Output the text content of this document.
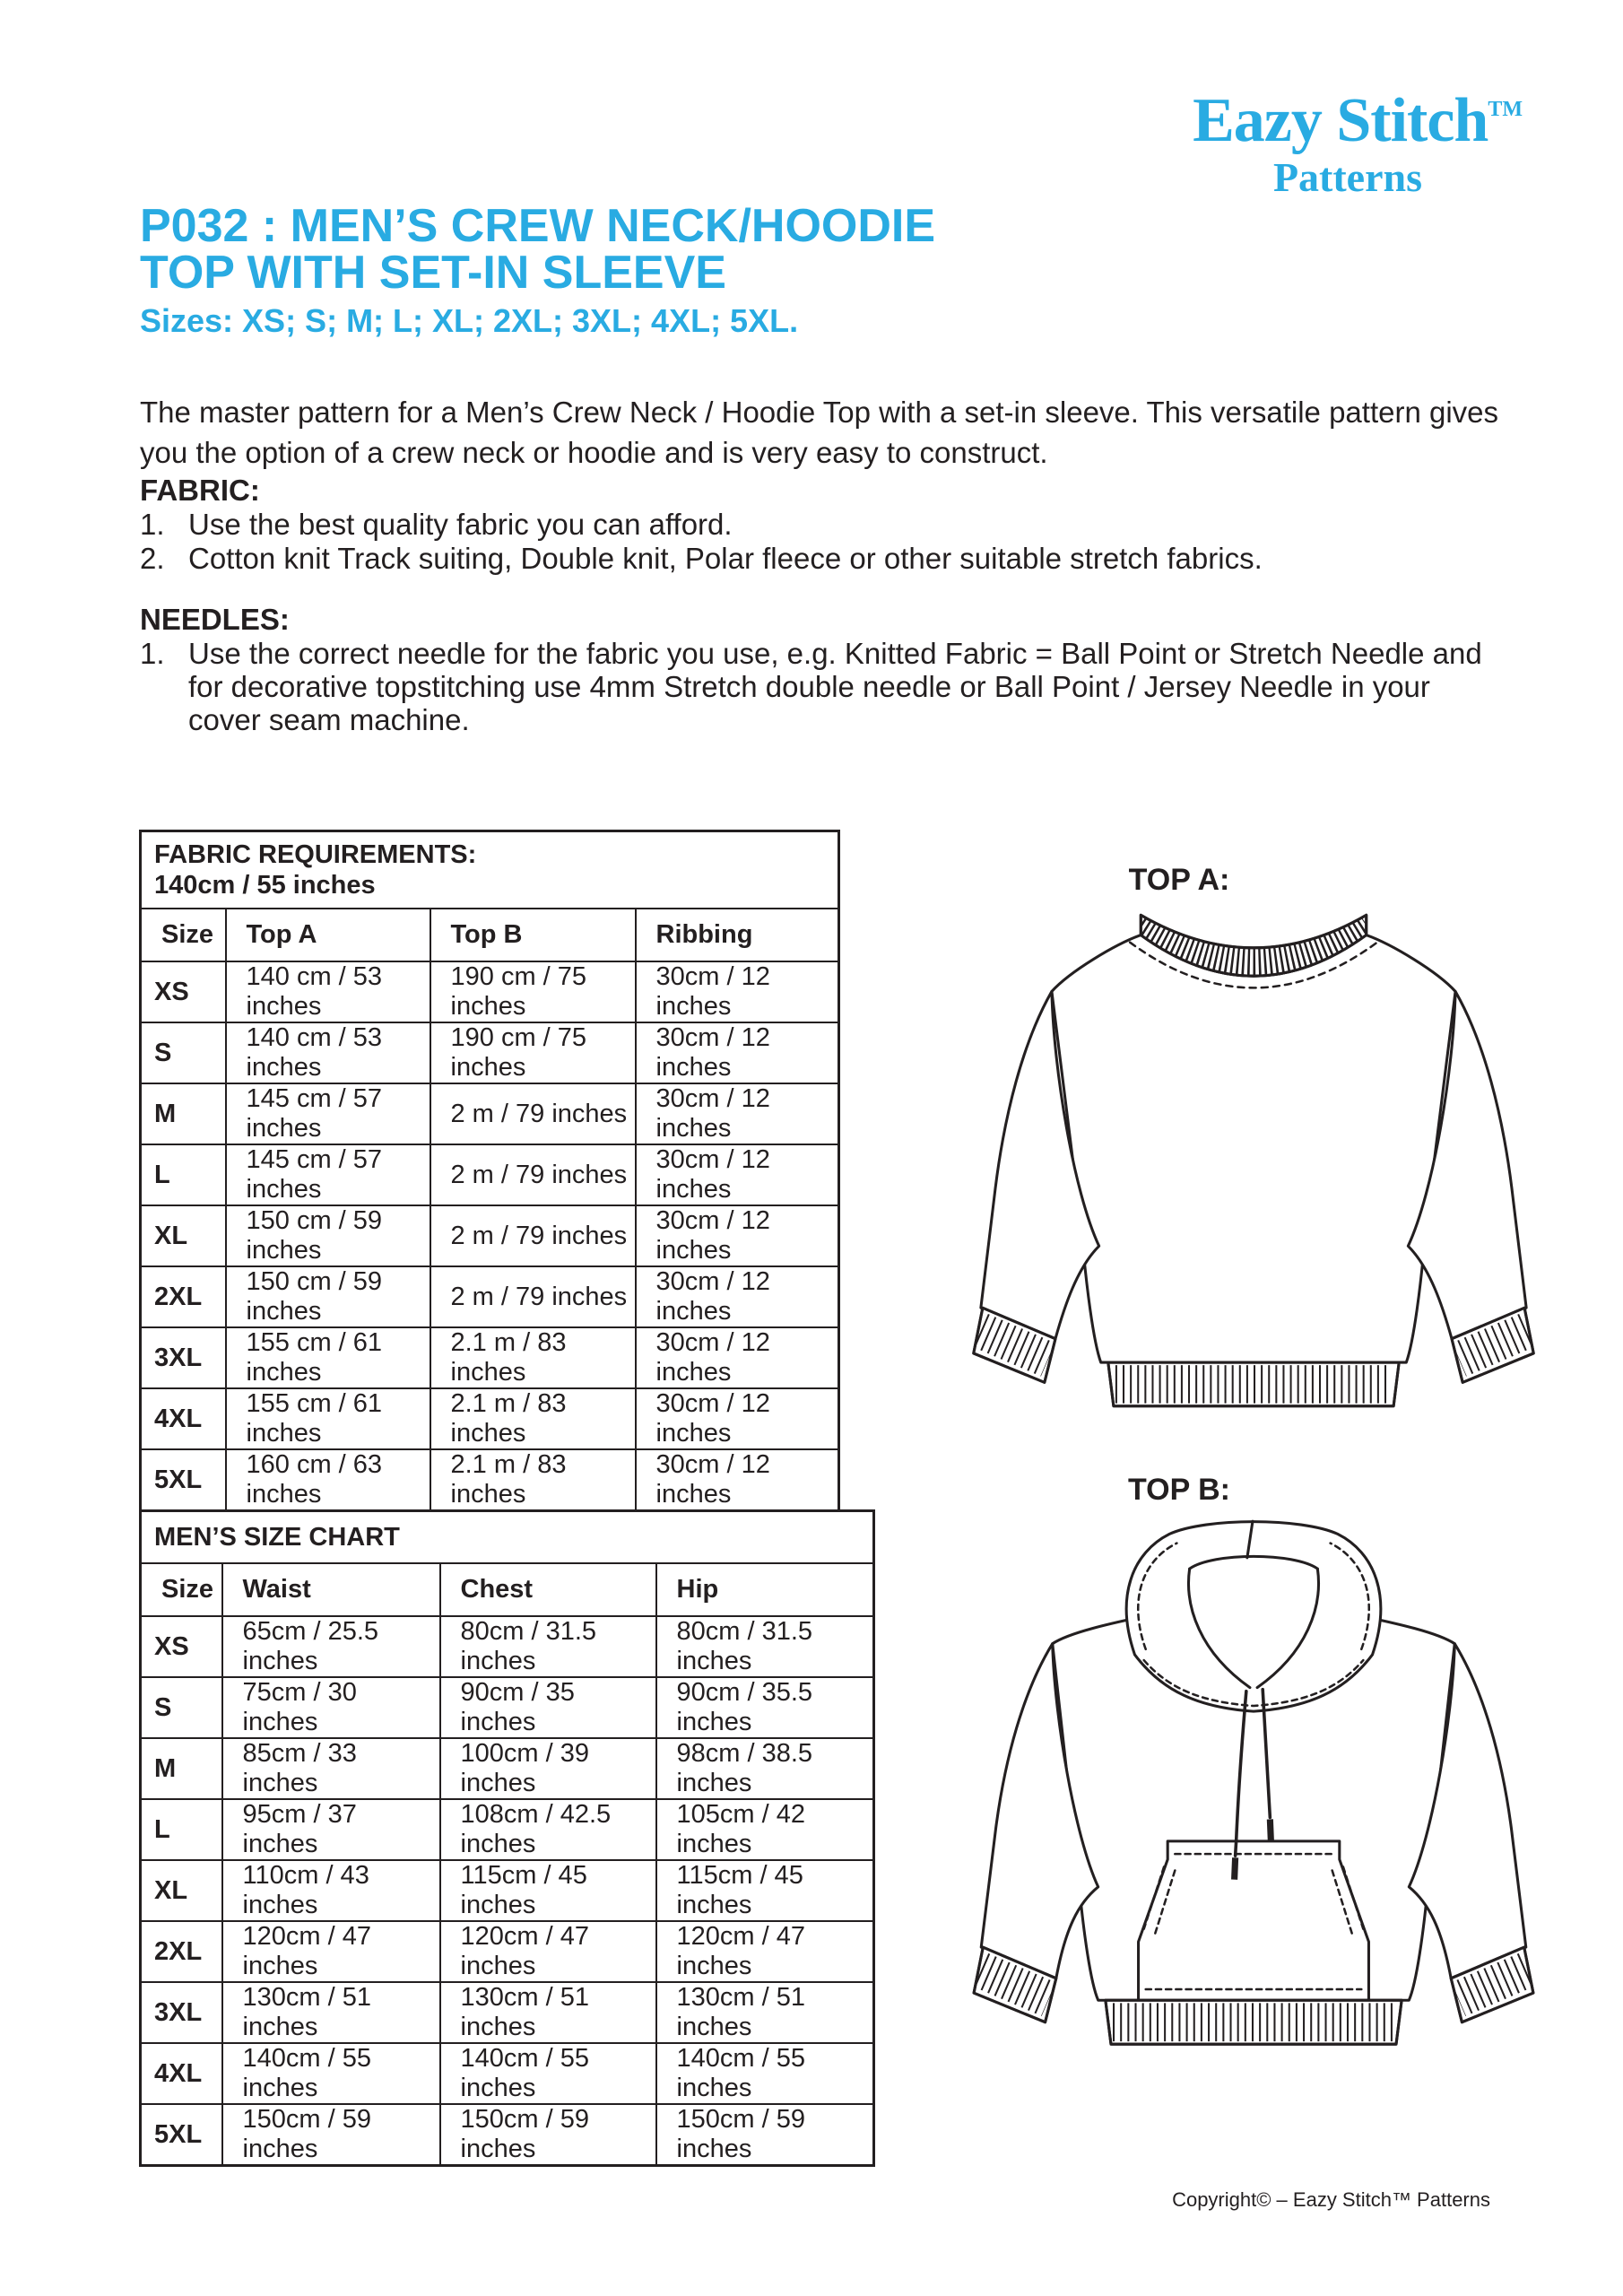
Eazy Stitch™
Patterns
P032 : MEN’S CREW NECK/HOODIE
TOP WITH SET-IN SLEEVE
Sizes: XS; S; M; L; XL; 2XL; 3XL; 4XL; 5XL.

The master pattern for a Men’s Crew Neck / Hoodie Top with a set-in sleeve. This versatile pattern gives you the option of a crew neck or hoodie and is very easy to construct.

FABRIC:
1. Use the best quality fabric you can afford.
2. Cotton knit Track suiting, Double knit, Polar fleece or other suitable stretch fabrics.
NEEDLES:
1. Use the correct needle for the fabric you use, e.g. Knitted Fabric = Ball Point or Stretch Needle and for decorative topstitching use 4mm Stretch double needle or Ball Point / Jersey Needle in your cover seam machine.
FABRIC REQUIREMENTS:
140cm / 55 inches			

Size	Top A	Top B	Ribbing
XS	140 cm / 53 inches	190 cm / 75 inches	30cm / 12 inches
S	140 cm / 53 inches	190 cm / 75 inches	30cm / 12 inches
M	145 cm / 57 inches	2 m / 79 inches	30cm / 12 inches
L	145 cm / 57 inches	2 m / 79 inches	30cm / 12 inches
XL	150 cm / 59 inches	2 m / 79 inches	30cm / 12 inches
2XL	150 cm / 59 inches	2 m / 79 inches	30cm / 12 inches
3XL	155 cm / 61 inches	2.1 m / 83 inches	30cm / 12 inches
4XL	155 cm / 61 inches	2.1 m / 83 inches	30cm / 12 inches
5XL	160 cm / 63 inches	2.1 m / 83 inches	30cm / 12 inches
MEN’S SIZE CHART			
Size	Waist	Chest	Hip
XS	65cm / 25.5 inches	80cm / 31.5 inches	80cm / 31.5 inches
S	75cm / 30 inches	90cm / 35 inches	90cm / 35.5 inches
M	85cm / 33 inches	100cm / 39 inches	98cm / 38.5 inches
L	95cm / 37 inches	108cm / 42.5 inches	105cm / 42 inches
XL	110cm / 43 inches	115cm / 45 inches	115cm / 45 inches
2XL	120cm / 47 inches	120cm / 47 inches	120cm / 47 inches
3XL	130cm / 51 inches	130cm / 51 inches	130cm / 51 inches
4XL	140cm / 55 inches	140cm / 55 inches	140cm / 55 inches
5XL	150cm / 59 inches	150cm / 59 inches	150cm / 59 inches
TOP A:
TOP B:
Copyright© – Eazy Stitch™ Patterns
